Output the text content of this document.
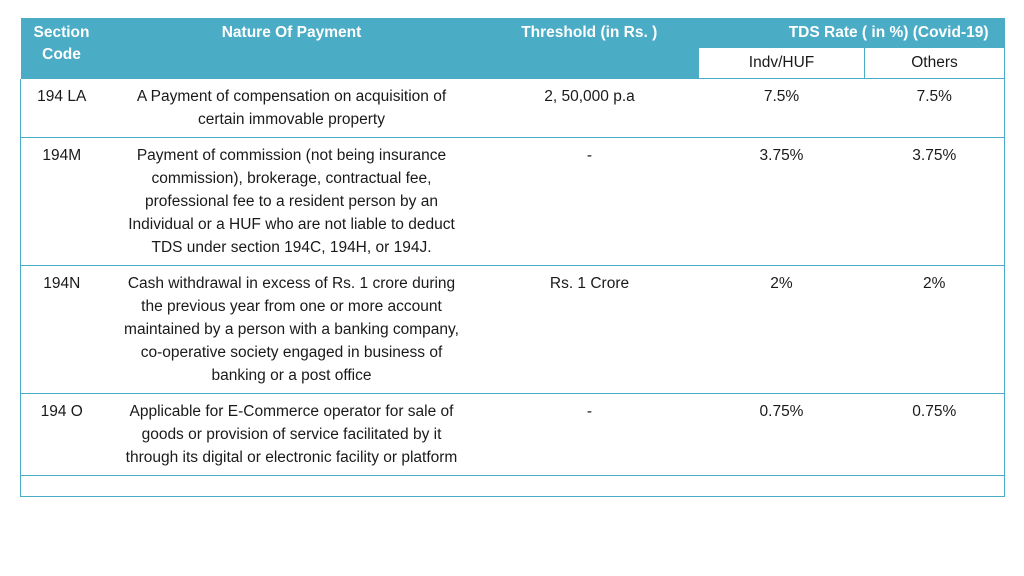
Section Code	Nature Of Payment	Threshold (in Rs. )	TDS Rate ( in %) (Covid-19)	
			Indv/HUF	Others
194 LA	A Payment of compensation on acquisition of certain immovable property	2, 50,000 p.a	7.5%	7.5%
194M	Payment of commission (not being insurance commission), brokerage, contractual fee, professional fee to a resident person by an Individual or a HUF who are not liable to deduct TDS under section 194C, 194H, or 194J.	-	3.75%	3.75%
194N	Cash withdrawal in excess of Rs. 1 crore during the previous year from one or more account maintained by a person with a banking company, co-operative society engaged in business of banking or a post office	Rs. 1 Crore	2%	2%
194 O	Applicable for E-Commerce operator for sale of goods or provision of service facilitated by it through its digital or electronic facility or platform	-	0.75%	0.75%
